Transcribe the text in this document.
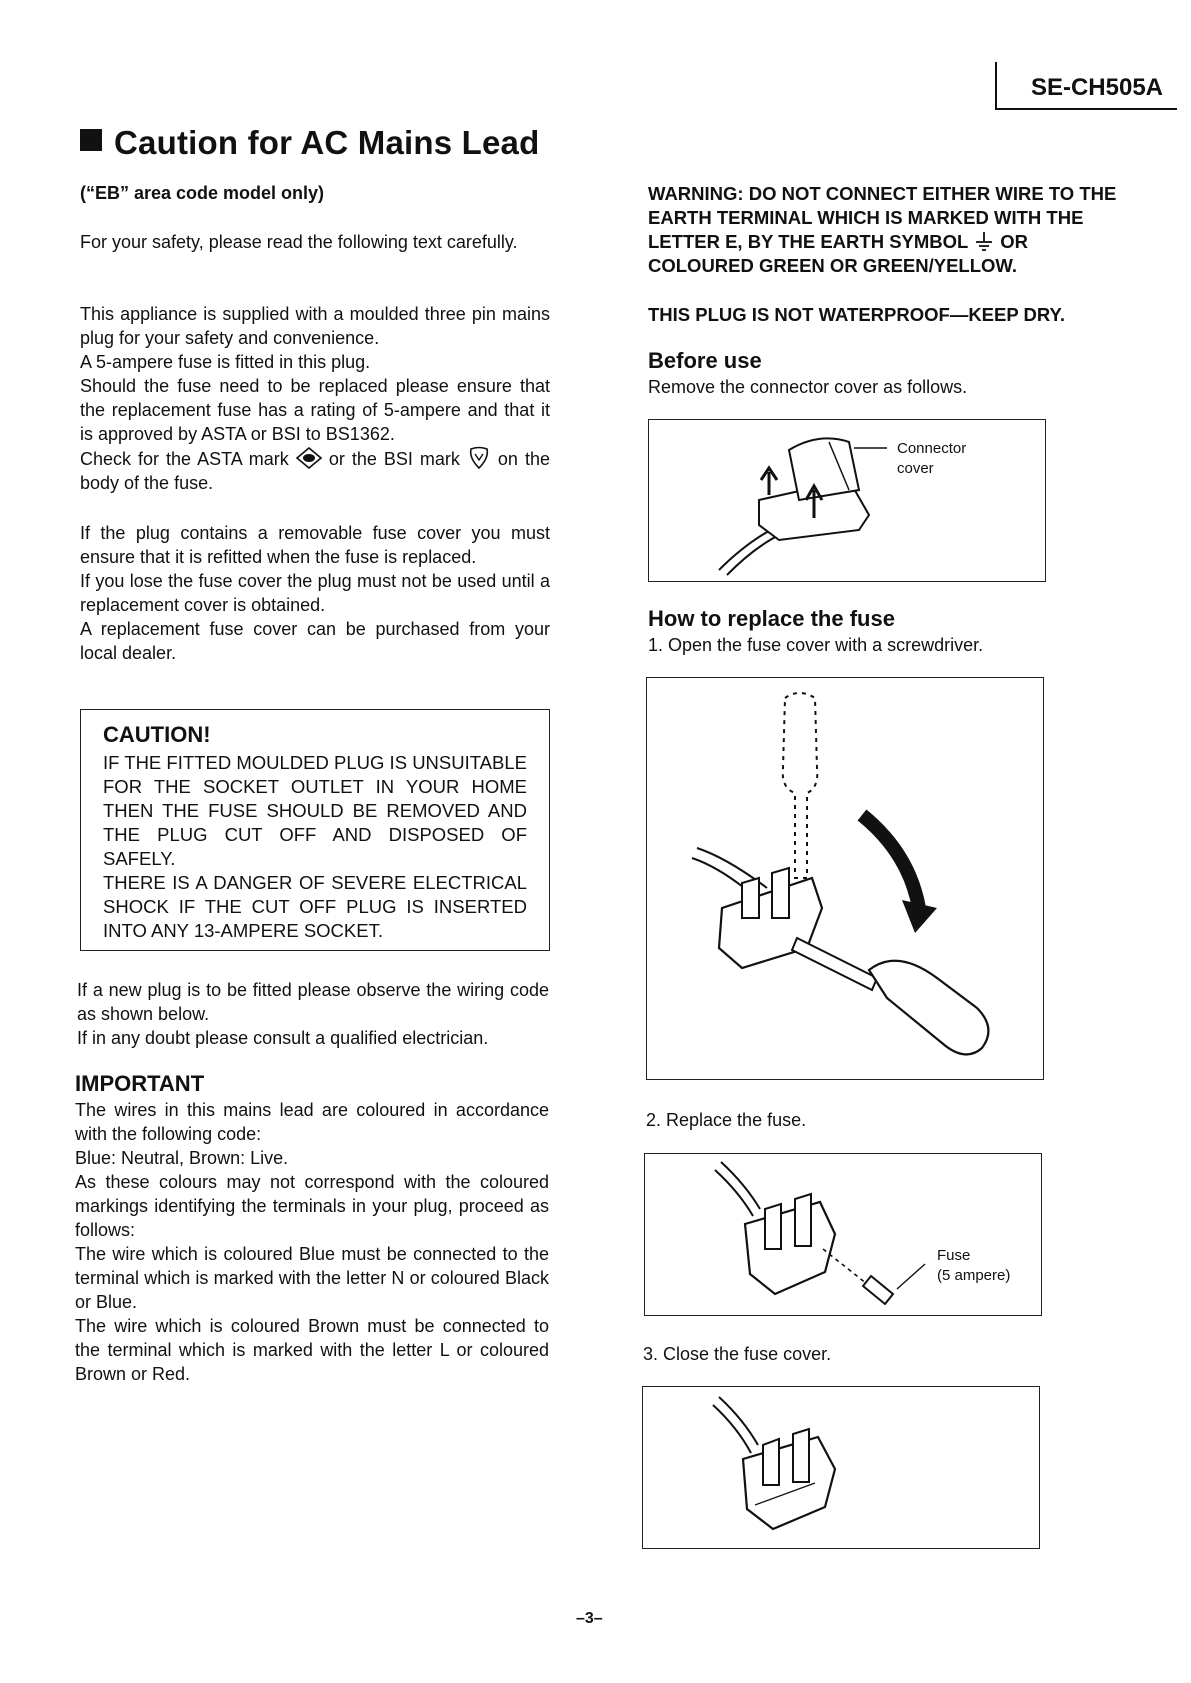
SE-CH505A
Caution for AC Mains Lead
(“EB” area code model only)

For your safety, please read the following text carefully.

This appliance is supplied with a moulded three pin mains plug for your safety and convenience.

A 5-ampere fuse is fitted in this plug.

Should the fuse need to be replaced please ensure that the replacement fuse has a rating of 5-ampere and that it is approved by ASTA or BSI to BS1362.

Check for the ASTA mark or the BSI mark on the body of the fuse.

If the plug contains a removable fuse cover you must ensure that it is refitted when the fuse is replaced.

If you lose the fuse cover the plug must not be used until a replacement cover is obtained.

A replacement fuse cover can be purchased from your local dealer.

CAUTION!

IF THE FITTED MOULDED PLUG IS UNSUITABLE FOR THE SOCKET OUTLET IN YOUR HOME THEN THE FUSE SHOULD BE REMOVED AND THE PLUG CUT OFF AND DISPOSED OF SAFELY.

THERE IS A DANGER OF SEVERE ELECTRICAL SHOCK IF THE CUT OFF PLUG IS INSERTED INTO ANY 13-AMPERE SOCKET.

If a new plug is to be fitted please observe the wiring code as shown below.

If in any doubt please consult a qualified electrician.

IMPORTANT

The wires in this mains lead are coloured in accordance with the following code:

Blue: Neutral, Brown: Live.

As these colours may not correspond with the coloured markings identifying the terminals in your plug, proceed as follows:

The wire which is coloured Blue must be connected to the terminal which is marked with the letter N or coloured Black or Blue.

The wire which is coloured Brown must be connected to the terminal which is marked with the letter L or coloured Brown or Red.

WARNING: DO NOT CONNECT EITHER WIRE TO THE EARTH TERMINAL WHICH IS MARKED WITH THE LETTER E, BY THE EARTH SYMBOL OR COLOURED GREEN OR GREEN/YELLOW.
THIS PLUG IS NOT WATERPROOF—KEEP DRY.
Before use
Remove the connector cover as follows.
Connector
cover
How to replace the fuse
1. Open the fuse cover with a screwdriver.
2. Replace the fuse.
Fuse
(5 ampere)
3. Close the fuse cover.
–3–
